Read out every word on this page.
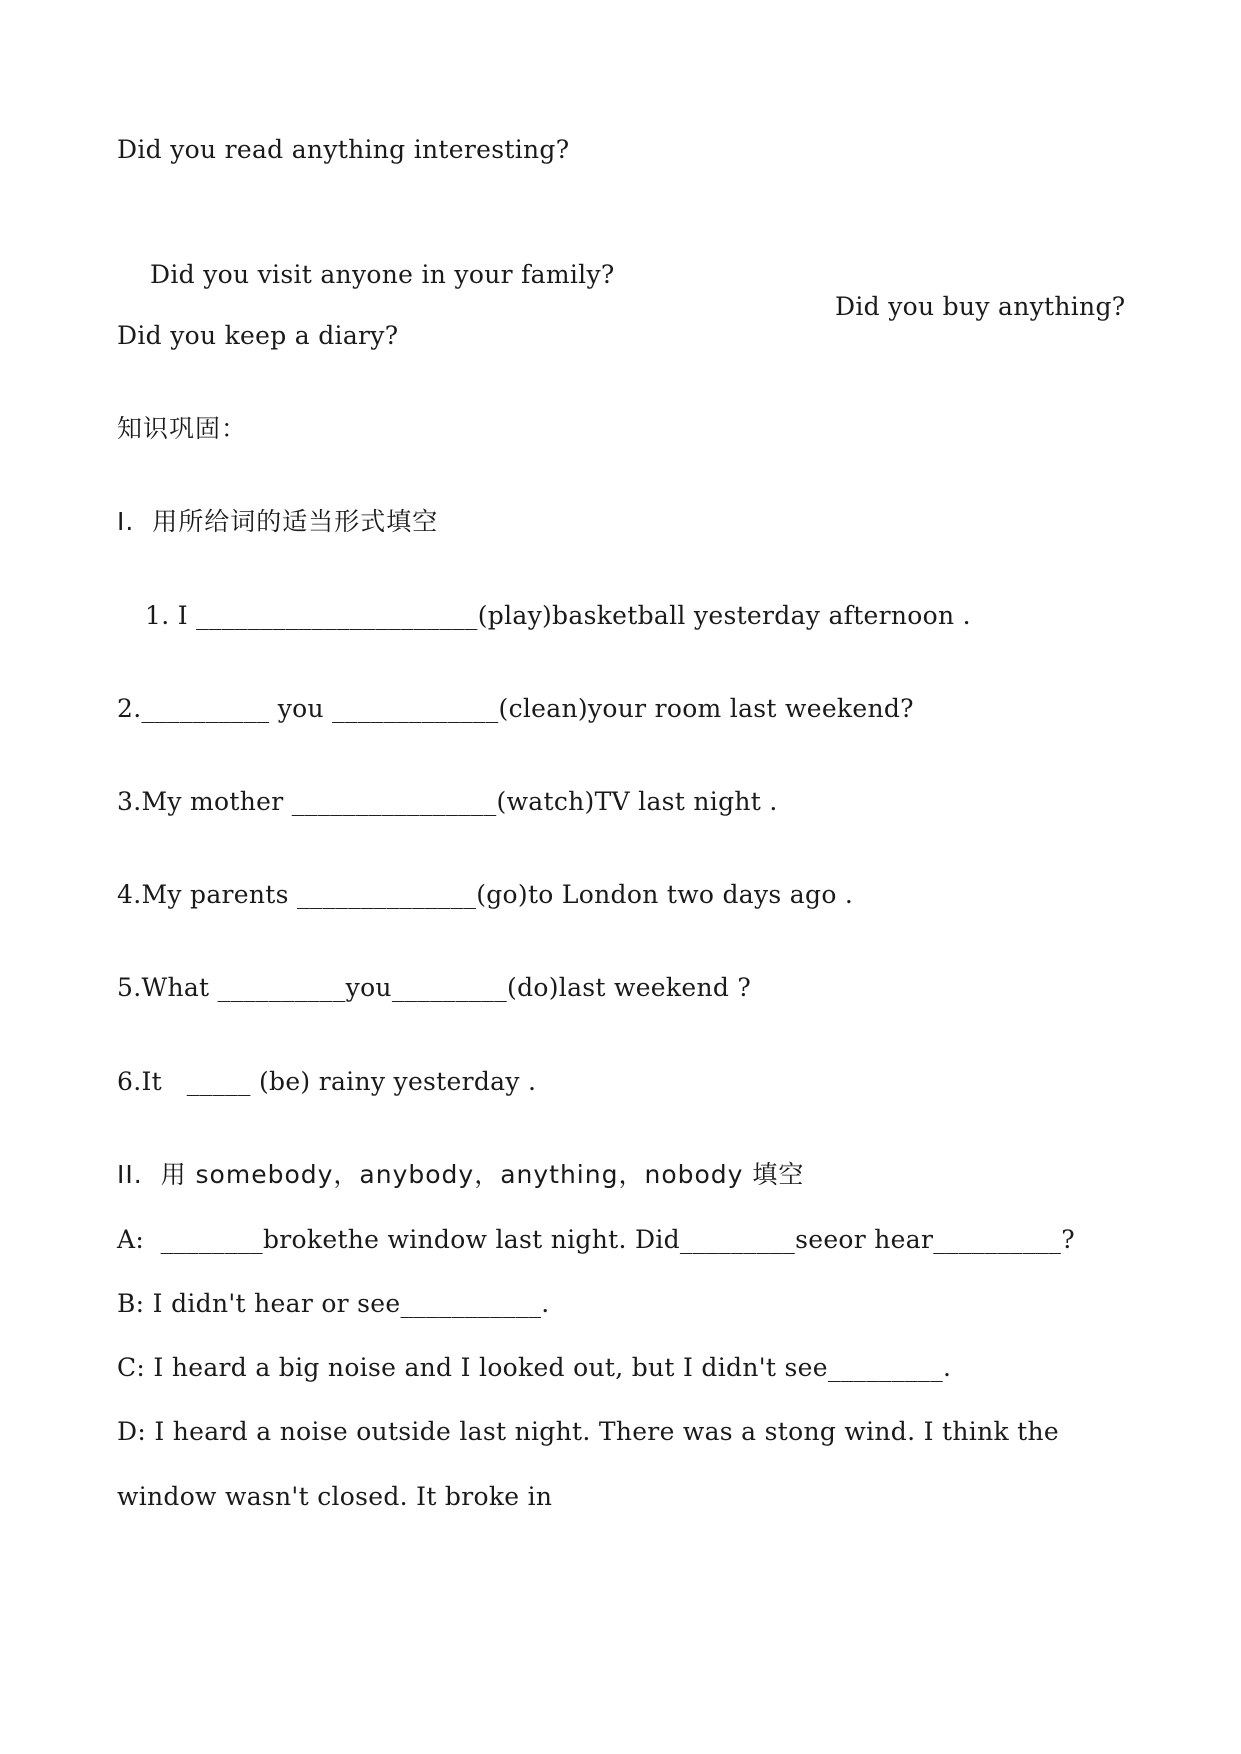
Did you read anything interesting?

Did you visit anyone in your family?

Did you buy anything?

Did you keep a diary?
知识巩固：
I.  用所给词的适当形式填空
1. I ______________________(play)basketball yesterday afternoon .
2.__________ you _____________(clean)your room last weekend?
3.My mother ________________(watch)TV last night .
4.My parents ______________(go)to London two days ago .
5.What __________you_________(do)last weekend ?
6.It   _____ (be) rainy yesterday .
II.  用 somebody，anybody，anything，nobody 填空
A:  ________brokethe window last night. Did_________seeor hear__________?
B: I didn't hear or see___________.
C: I heard a big noise and I looked out, but I didn't see_________.
D: I heard a noise outside last night. There was a stong wind. I think the
window wasn't closed. It broke in
